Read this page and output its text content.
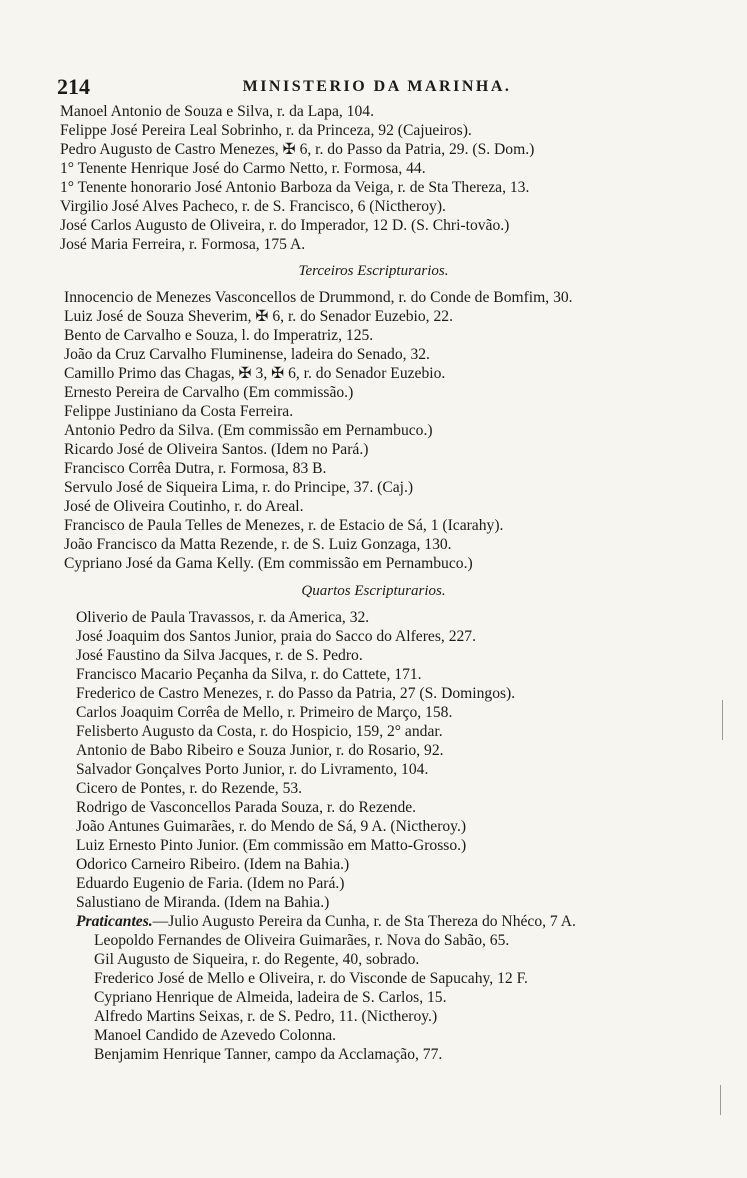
214	MINISTERIO DA MARINHA.
Manoel Antonio de Souza e Silva, r. da Lapa, 104.
Felippe José Pereira Leal Sobrinho, r. da Princeza, 92 (Cajueiros).
Pedro Augusto de Castro Menezes, ✠ 6, r. do Passo da Patria, 29. (S. Dom.)
1° Tenente Henrique José do Carmo Netto, r. Formosa, 44.
1° Tenente honorario José Antonio Barboza da Veiga, r. de Sta Thereza, 13.
Virgilio José Alves Pacheco, r. de S. Francisco, 6 (Nictheroy).
José Carlos Augusto de Oliveira, r. do Imperador, 12 D. (S. Chri-tovão.)
José Maria Ferreira, r. Formosa, 175 A.
Terceiros Escripturarios.
Innocencio de Menezes Vasconcellos de Drummond, r. do Conde de Bomfim, 30.
Luiz José de Souza Sheverim, ✠ 6, r. do Senador Euzebio, 22.
Bento de Carvalho e Souza, l. do Imperatriz, 125.
João da Cruz Carvalho Fluminense, ladeira do Senado, 32.
Camillo Primo das Chagas, ✠ 3, ✠ 6, r. do Senador Euzebio.
Ernesto Pereira de Carvalho (Em commissão.)
Felippe Justiniano da Costa Ferreira.
Antonio Pedro da Silva. (Em commissão em Pernambuco.)
Ricardo José de Oliveira Santos. (Idem no Pará.)
Francisco Corrêa Dutra, r. Formosa, 83 B.
Servulo José de Siqueira Lima, r. do Principe, 37. (Caj.)
José de Oliveira Coutinho, r. do Areal.
Francisco de Paula Telles de Menezes, r. de Estacio de Sá, 1 (Icarahy).
João Francisco da Matta Rezende, r. de S. Luiz Gonzaga, 130.
Cypriano José da Gama Kelly. (Em commissão em Pernambuco.)
Quartos Escripturarios.
Oliverio de Paula Travassos, r. da America, 32.
José Joaquim dos Santos Junior, praia do Sacco do Alferes, 227.
José Faustino da Silva Jacques, r. de S. Pedro.
Francisco Macario Peçanha da Silva, r. do Cattete, 171.
Frederico de Castro Menezes, r. do Passo da Patria, 27 (S. Domingos).
Carlos Joaquim Corrêa de Mello, r. Primeiro de Março, 158.
Felisberto Augusto da Costa, r. do Hospicio, 159, 2° andar.
Antonio de Babo Ribeiro e Souza Junior, r. do Rosario, 92.
Salvador Gonçalves Porto Junior, r. do Livramento, 104.
Cicero de Pontes, r. do Rezende, 53.
Rodrigo de Vasconcellos Parada Souza, r. do Rezende.
João Antunes Guimarães, r. do Mendo de Sá, 9 A. (Nictheroy.)
Luiz Ernesto Pinto Junior. (Em commissão em Matto-Grosso.)
Odorico Carneiro Ribeiro. (Idem na Bahia.)
Eduardo Eugenio de Faria. (Idem no Pará.)
Salustiano de Miranda. (Idem na Bahia.)
Praticantes.—Julio Augusto Pereira da Cunha, r. de Sta Thereza do Nhéco, 7 A.
Leopoldo Fernandes de Oliveira Guimarães, r. Nova do Sabão, 65.
Gil Augusto de Siqueira, r. do Regente, 40, sobrado.
Frederico José de Mello e Oliveira, r. do Visconde de Sapucahy, 12 F.
Cypriano Henrique de Almeida, ladeira de S. Carlos, 15.
Alfredo Martins Seixas, r. de S. Pedro, 11. (Nictheroy.)
Manoel Candido de Azevedo Colonna.
Benjamim Henrique Tanner, campo da Acclamação, 77.
